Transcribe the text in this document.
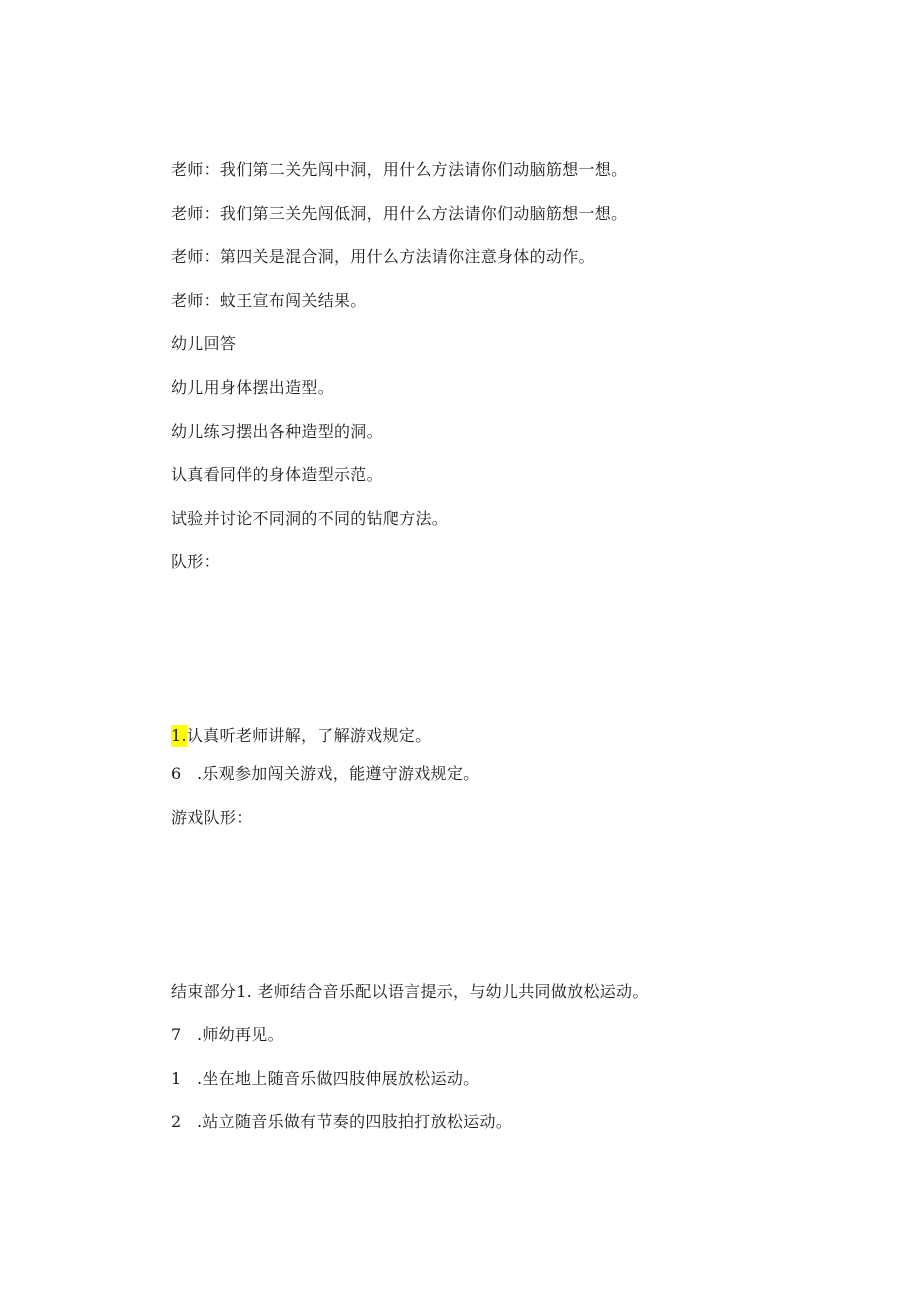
老师：我们第二关先闯中洞，用什么方法请你们动脑筋想一想。
老师：我们第三关先闯低洞，用什么方法请你们动脑筋想一想。
老师：第四关是混合洞，用什么方法请你注意身体的动作。
老师：蚊王宣布闯关结果。
幼儿回答
幼儿用身体摆出造型。
幼儿练习摆出各种造型的洞。
认真看同伴的身体造型示范。
试验并讨论不同洞的不同的钻爬方法。
队形：
1.认真听老师讲解，了解游戏规定。
6 .乐观参加闯关游戏，能遵守游戏规定。
游戏队形：
结束部分1. 老师结合音乐配以语言提示，与幼儿共同做放松运动。
7 .师幼再见。
1 .坐在地上随音乐做四肢伸展放松运动。
2 .站立随音乐做有节奏的四肢拍打放松运动。
